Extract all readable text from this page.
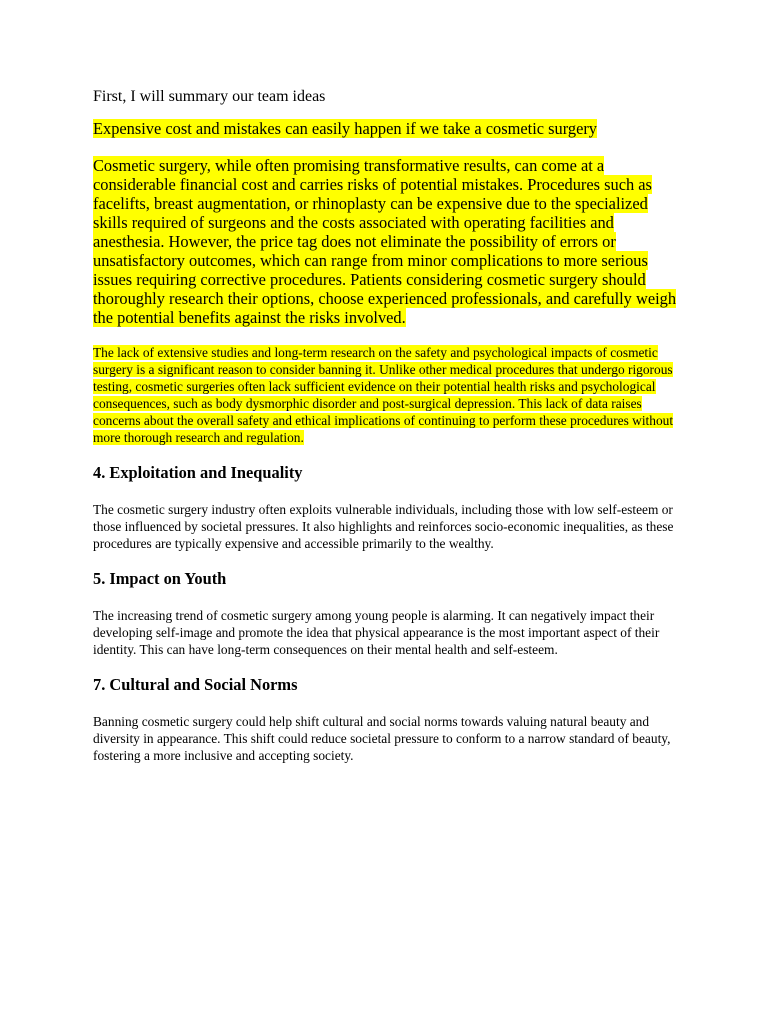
First, I will summary our team ideas

Expensive cost and mistakes can easily happen if we take a cosmetic surgery

Cosmetic surgery, while often promising transformative results, can come at a considerable financial cost and carries risks of potential mistakes. Procedures such as facelifts, breast augmentation, or rhinoplasty can be expensive due to the specialized skills required of surgeons and the costs associated with operating facilities and anesthesia. However, the price tag does not eliminate the possibility of errors or unsatisfactory outcomes, which can range from minor complications to more serious issues requiring corrective procedures. Patients considering cosmetic surgery should thoroughly research their options, choose experienced professionals, and carefully weigh the potential benefits against the risks involved.

The lack of extensive studies and long-term research on the safety and psychological impacts of cosmetic surgery is a significant reason to consider banning it. Unlike other medical procedures that undergo rigorous testing, cosmetic surgeries often lack sufficient evidence on their potential health risks and psychological consequences, such as body dysmorphic disorder and post-surgical depression. This lack of data raises concerns about the overall safety and ethical implications of continuing to perform these procedures without more thorough research and regulation.

4. Exploitation and Inequality

The cosmetic surgery industry often exploits vulnerable individuals, including those with low self-esteem or those influenced by societal pressures. It also highlights and reinforces socio-economic inequalities, as these procedures are typically expensive and accessible primarily to the wealthy.

5. Impact on Youth

The increasing trend of cosmetic surgery among young people is alarming. It can negatively impact their developing self-image and promote the idea that physical appearance is the most important aspect of their identity. This can have long-term consequences on their mental health and self-esteem.

7. Cultural and Social Norms

Banning cosmetic surgery could help shift cultural and social norms towards valuing natural beauty and diversity in appearance. This shift could reduce societal pressure to conform to a narrow standard of beauty, fostering a more inclusive and accepting society.
